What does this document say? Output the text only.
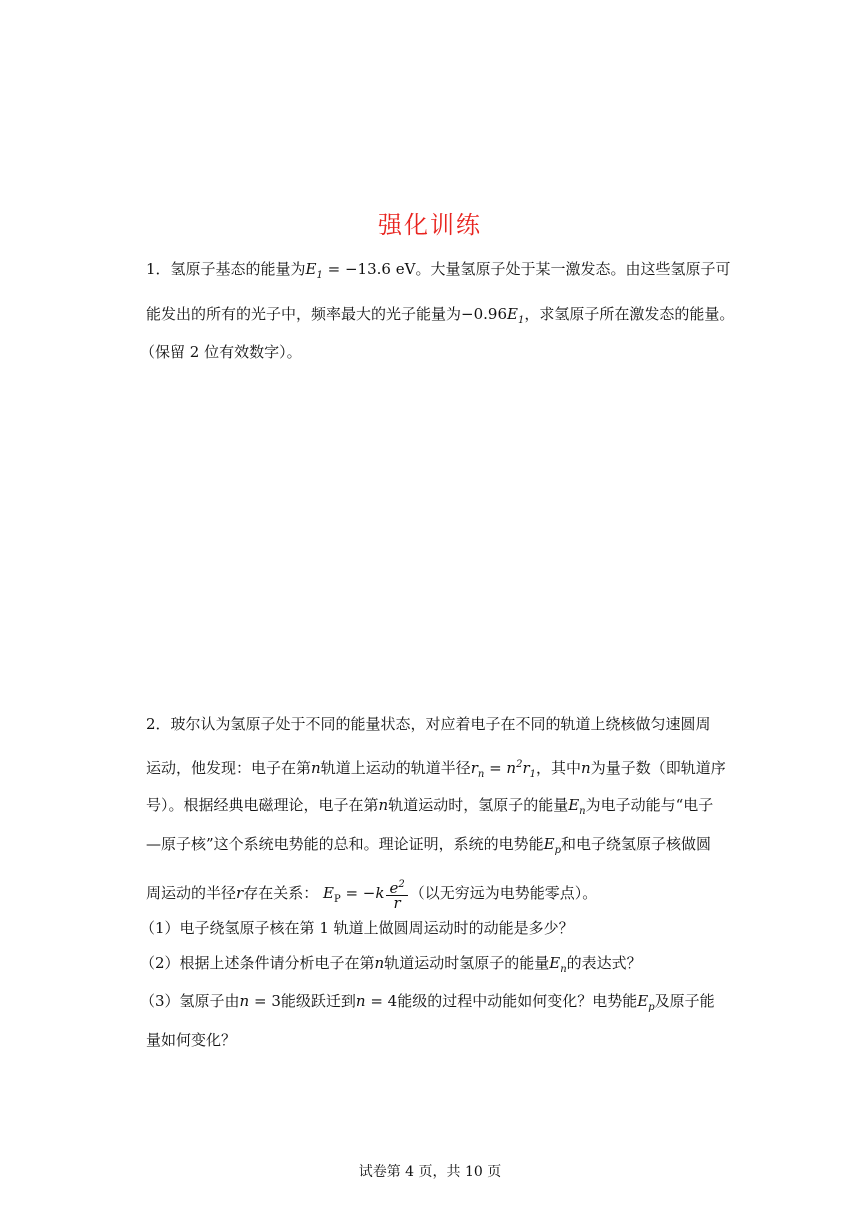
强化训练
1．氢原子基态的能量为$E_1 = -13.6$ eV。大量氢原子处于某一激发态。由这些氢原子可
能发出的所有的光子中，频率最大的光子能量为$-0.96E_1$，求氢原子所在激发态的能量。
（保留 2 位有效数字）。
2．玻尔认为氢原子处于不同的能量状态，对应着电子在不同的轨道上绕核做匀速圆周
运动，他发现：电子在第n轨道上运动的轨道半径$r_n = n^2r_1$，其中n为量子数（即轨道序
号）。根据经典电磁理论，电子在第n轨道运动时，氢原子的能量$E_n$为电子动能与“电子
—原子核”这个系统电势能的总和。理论证明，系统的电势能$E_p$和电子绕氢原子核做圆
周运动的半径r存在关系： $E_P = -k \frac{e^2}{r}$ （以无穷远为电势能零点）。
（1）电子绕氢原子核在第 1 轨道上做圆周运动时的动能是多少？
（2）根据上述条件请分析电子在第n轨道运动时氢原子的能量$E_n$的表达式？
（3）氢原子由n = 3能级跃迁到n = 4能级的过程中动能如何变化？电势能$E_p$及原子能
量如何变化？
试卷第 4 页，共 10 页
